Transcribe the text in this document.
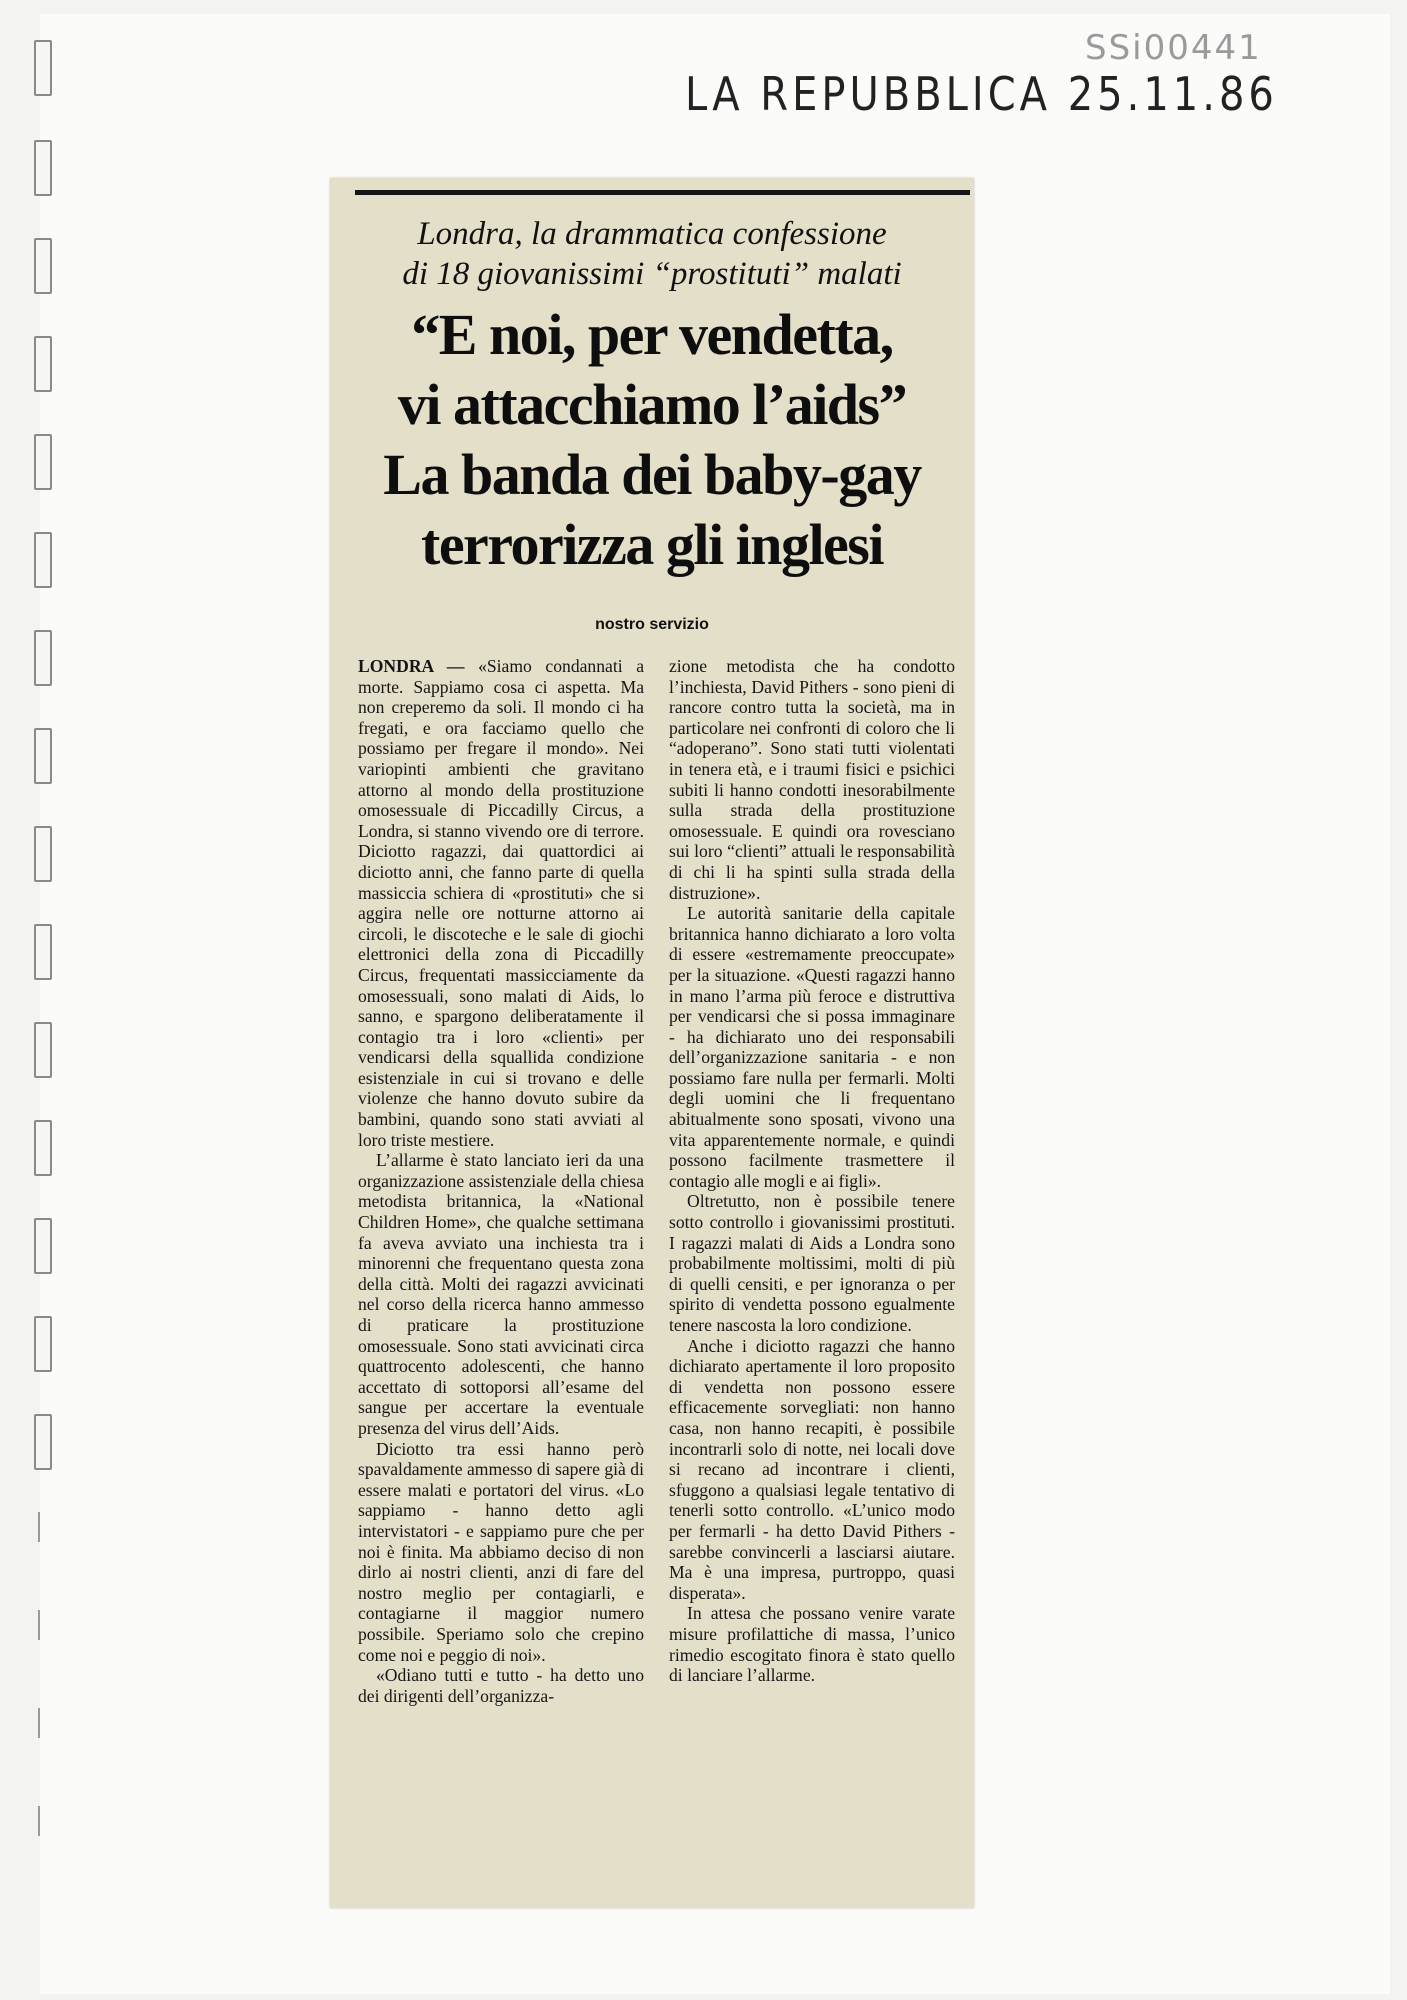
SSi00441
LA REPUBBLICA 25.11.86
Londra, la drammatica confessione
di 18 giovanissimi “prostituti” malati
“E noi, per vendetta,
vi attacchiamo l’aids”
La banda dei baby-gay
terrorizza gli inglesi
nostro servizio

LONDRA — «Siamo condannati a morte. Sappiamo cosa ci aspetta. Ma non creperemo da soli. Il mondo ci ha fregati, e ora facciamo quello che possiamo per fregare il mondo». Nei variopinti ambienti che gravitano attorno al mondo della prostituzione omosessuale di Piccadilly Circus, a Londra, si stanno vivendo ore di terrore. Diciotto ragazzi, dai quattordici ai diciotto anni, che fanno parte di quella massiccia schiera di «prostituti» che si aggira nelle ore notturne attorno ai circoli, le discoteche e le sale di giochi elettronici della zona di Piccadilly Circus, frequentati massicciamente da omosessuali, sono malati di Aids, lo sanno, e spargono deliberatamente il contagio tra i loro «clienti» per vendicarsi della squallida condizione esistenziale in cui si trovano e delle violenze che hanno dovuto subire da bambini, quando sono stati avviati al loro triste mestiere.

L’allarme è stato lanciato ieri da una organizzazione assistenziale della chiesa metodista britannica, la «National Children Home», che qualche settimana fa aveva avviato una inchiesta tra i minorenni che frequentano questa zona della città. Molti dei ragazzi avvicinati nel corso della ricerca hanno ammesso di praticare la prostituzione omosessuale. Sono stati avvicinati circa quattrocento adolescenti, che hanno accettato di sottoporsi all’esame del sangue per accertare la eventuale presenza del virus dell’Aids.

Diciotto tra essi hanno però spavaldamente ammesso di sapere già di essere malati e portatori del virus. «Lo sappiamo - hanno detto agli intervistatori - e sappiamo pure che per noi è finita. Ma abbiamo deciso di non dirlo ai nostri clienti, anzi di fare del nostro meglio per contagiarli, e contagiarne il maggior numero possibile. Speriamo solo che crepino come noi e peggio di noi».

«Odiano tutti e tutto - ha detto uno dei dirigenti dell’organizza-

zione metodista che ha condotto l’inchiesta, David Pithers - sono pieni di rancore contro tutta la società, ma in particolare nei confronti di coloro che li “adoperano”. Sono stati tutti violentati in tenera età, e i traumi fisici e psichici subiti li hanno condotti inesorabilmente sulla strada della prostituzione omosessuale. E quindi ora rovesciano sui loro “clienti” attuali le responsabilità di chi li ha spinti sulla strada della distruzione».

Le autorità sanitarie della capitale britannica hanno dichiarato a loro volta di essere «estremamente preoccupate» per la situazione. «Questi ragazzi hanno in mano l’arma più feroce e distruttiva per vendicarsi che si possa immaginare - ha dichiarato uno dei responsabili dell’organizzazione sanitaria - e non possiamo fare nulla per fermarli. Molti degli uomini che li frequentano abitualmente sono sposati, vivono una vita apparentemente normale, e quindi possono facilmente trasmettere il contagio alle mogli e ai figli».

Oltretutto, non è possibile tenere sotto controllo i giovanissimi prostituti. I ragazzi malati di Aids a Londra sono probabilmente moltissimi, molti di più di quelli censiti, e per ignoranza o per spirito di vendetta possono egualmente tenere nascosta la loro condizione.

Anche i diciotto ragazzi che hanno dichiarato apertamente il loro proposito di vendetta non possono essere efficacemente sorvegliati: non hanno casa, non hanno recapiti, è possibile incontrarli solo di notte, nei locali dove si recano ad incontrare i clienti, sfuggono a qualsiasi legale tentativo di tenerli sotto controllo. «L’unico modo per fermarli - ha detto David Pithers - sarebbe convincerli a lasciarsi aiutare. Ma è una impresa, purtroppo, quasi disperata».

In attesa che possano venire varate misure profilattiche di massa, l’unico rimedio escogitato finora è stato quello di lanciare l’allarme.
